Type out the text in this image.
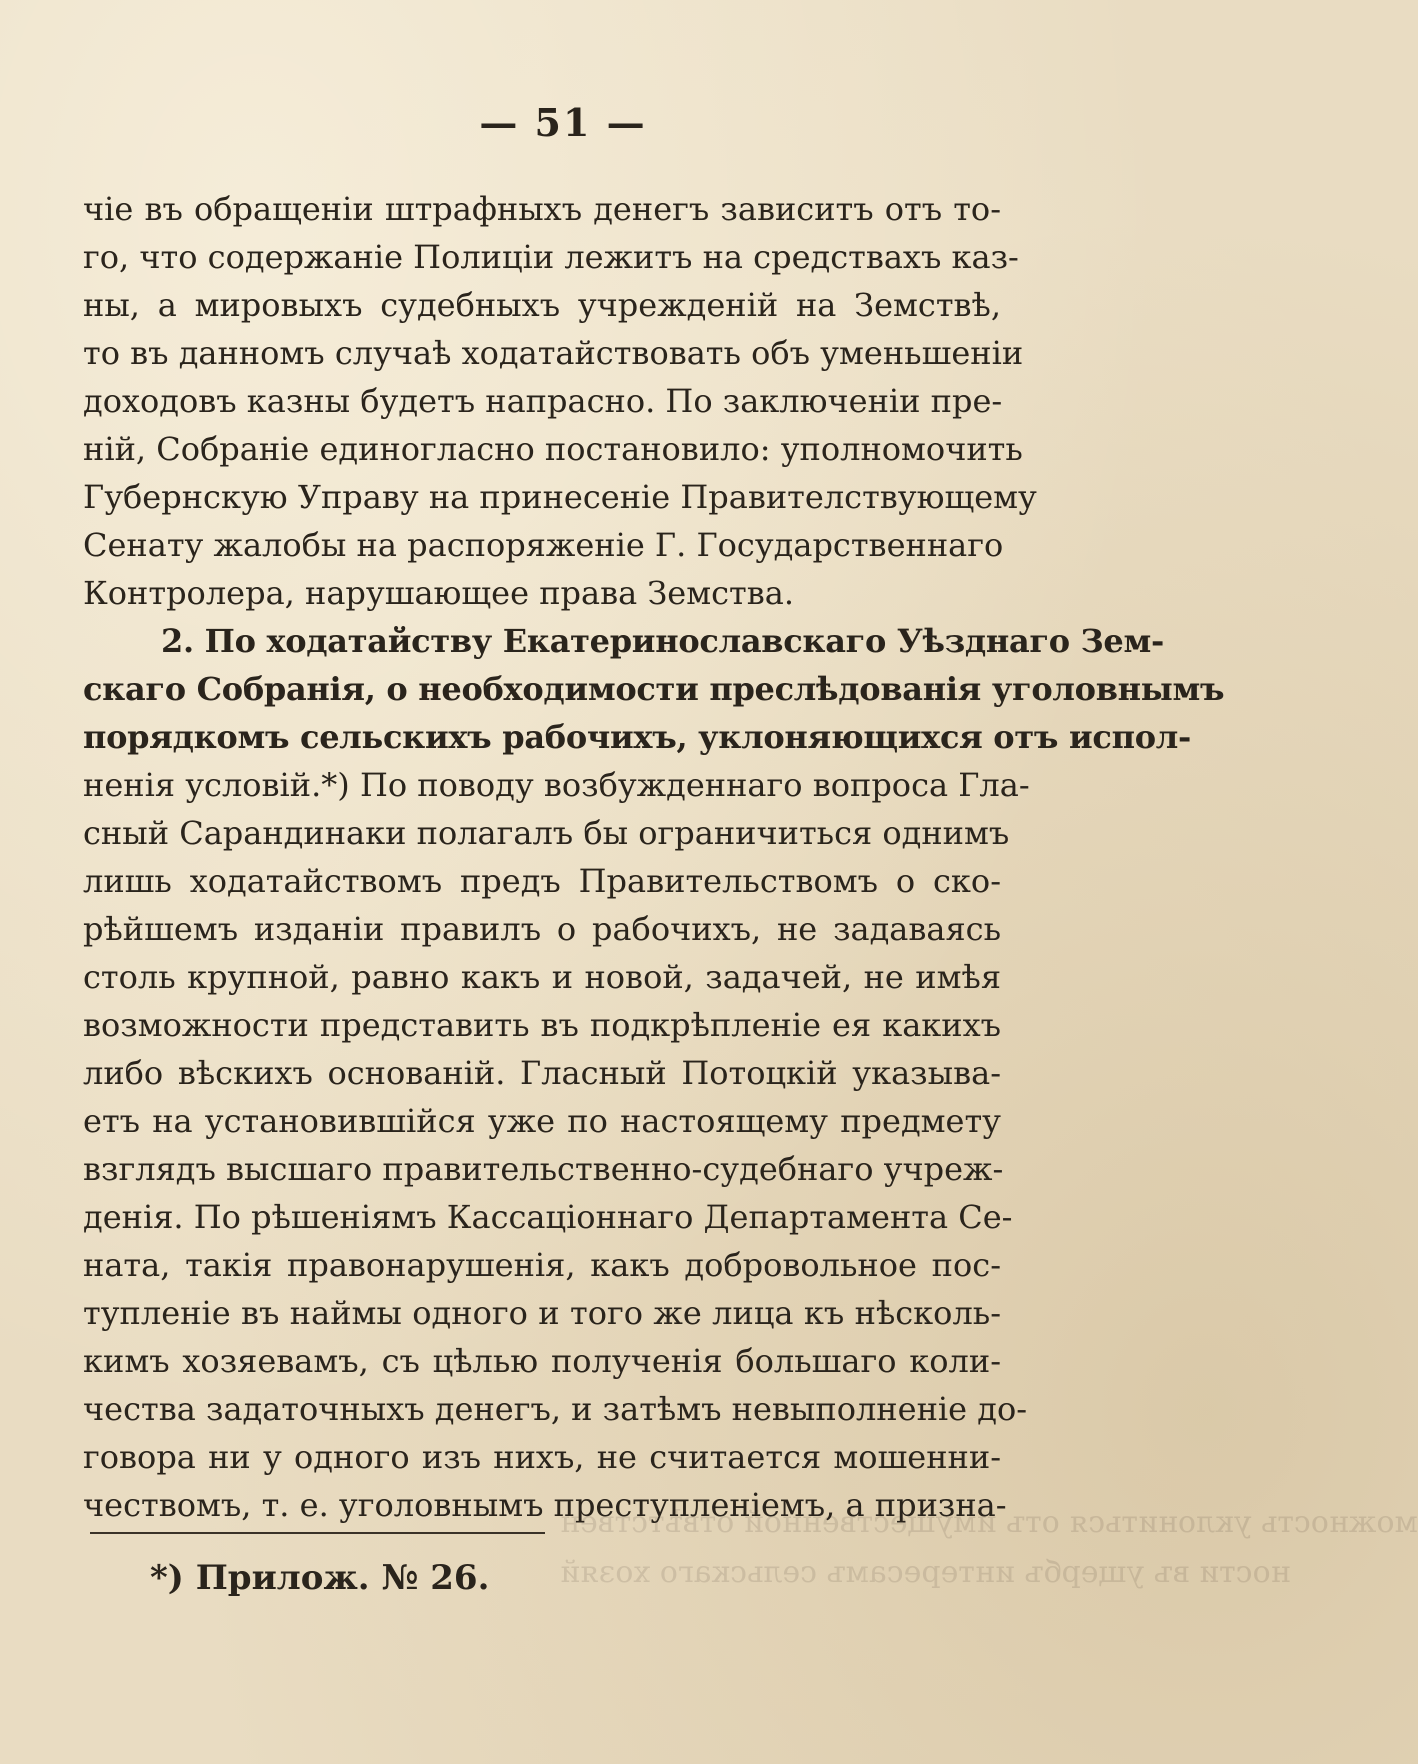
можность уклониться отъ имущественной отвѣтствен
ности въ ущербъ интересамъ сельскаго хозяй
— 51 —
чіе въ обращеніи штрафныхъ денегъ зависитъ отъ то-
го, что содержаніе Полиціи лежитъ на средствахъ каз-
ны, а мировыхъ судебныхъ учрежденій на Земствѣ,
то въ данномъ случаѣ ходатайствовать объ уменьшеніи
доходовъ казны будетъ напрасно. По заключеніи пре-
ній, Собраніе единогласно постановило: уполномочить
Губернскую Управу на принесеніе Правителствующему
Сенату жалобы на распоряженіе Г. Государственнаго
Контролера, нарушающее права Земства.
2. По ходатайству Екатеринославскаго Уѣзднаго Зем-
скаго Собранія, о необходимости преслѣдованія уголовнымъ
порядкомъ сельскихъ рабочихъ, уклоняющихся отъ испол-
ненія условій.*) По поводу возбужденнаго вопроса Гла-
сный Сарандинаки полагалъ бы ограничиться однимъ
лишь ходатайствомъ предъ Правительствомъ о ско-
рѣйшемъ изданіи правилъ о рабочихъ, не задаваясь
столь крупной, равно какъ и новой, задачей, не имѣя
возможности представить въ подкрѣпленіе ея какихъ
либо вѣскихъ основаній. Гласный Потоцкій указыва-
етъ на установившійся уже по настоящему предмету
взглядъ высшаго правительственно-судебнаго учреж-
денія. По рѣшеніямъ Кассаціоннаго Департамента Се-
ната, такія правонарушенія, какъ добровольное пос-
тупленіе въ наймы одного и того же лица къ нѣсколь-
кимъ хозяевамъ, съ цѣлью полученія большаго коли-
чества задаточныхъ денегъ, и затѣмъ невыполненіе до-
говора ни у одного изъ нихъ, не считается мошенни-
чествомъ, т. е. уголовнымъ преступленіемъ, а призна-
*) Прилож. № 26.
